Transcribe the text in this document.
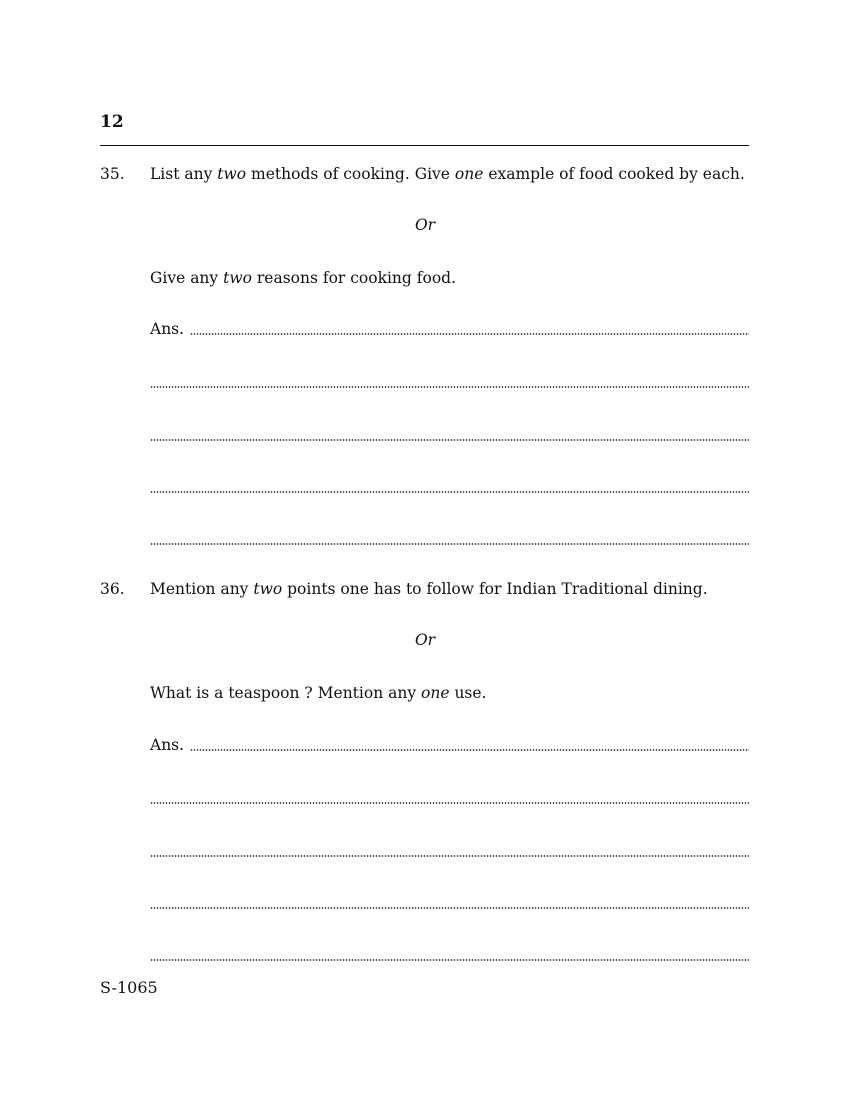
12
35. List any two methods of cooking. Give one example of food cooked by each.
Or
Give any two reasons for cooking food.
Ans.
36. Mention any two points one has to follow for Indian Traditional dining.
Or
What is a teaspoon ? Mention any one use.
Ans.
S-1065
